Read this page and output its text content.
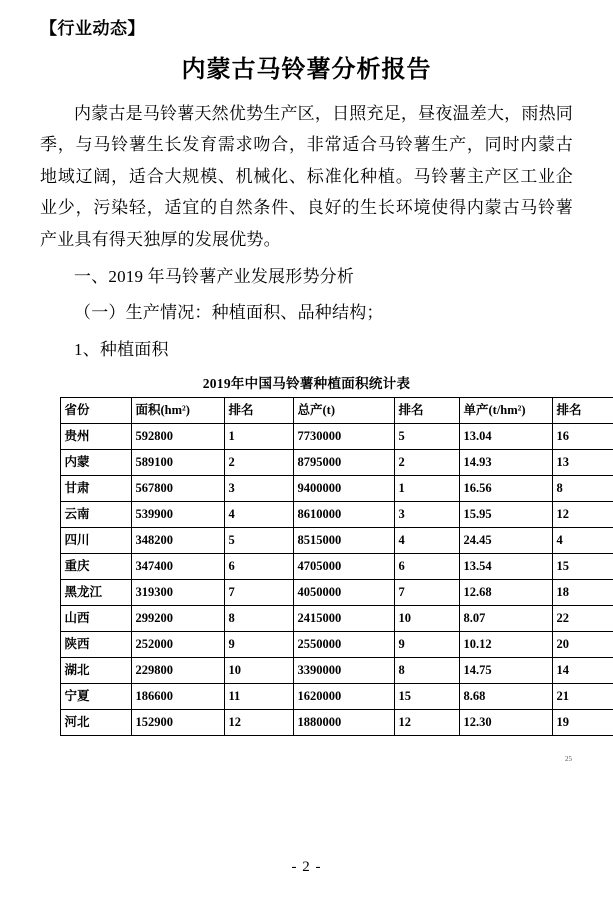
【行业动态】
内蒙古马铃薯分析报告

内蒙古是马铃薯天然优势生产区，日照充足，昼夜温差大，雨热同季，与马铃薯生长发育需求吻合，非常适合马铃薯生产，同时内蒙古地域辽阔，适合大规模、机械化、标准化种植。马铃薯主产区工业企业少，污染轻，适宜的自然条件、良好的生长环境使得内蒙古马铃薯产业具有得天独厚的发展优势。

一、2019 年马铃薯产业发展形势分析

（一）生产情况：种植面积、品种结构；

1、种植面积

2019年中国马铃薯种植面积统计表
省份	面积(hm²)	排名	总产(t)	排名	单产(t/hm²)	排名
贵州	592800	1	7730000	5	13.04	16
内蒙	589100	2	8795000	2	14.93	13
甘肃	567800	3	9400000	1	16.56	8
云南	539900	4	8610000	3	15.95	12
四川	348200	5	8515000	4	24.45	4
重庆	347400	6	4705000	6	13.54	15
黑龙江	319300	7	4050000	7	12.68	18
山西	299200	8	2415000	10	8.07	22
陕西	252000	9	2550000	9	10.12	20
湖北	229800	10	3390000	8	14.75	14
宁夏	186600	11	1620000	15	8.68	21
河北	152900	12	1880000	12	12.30	19
25
- 2 -
